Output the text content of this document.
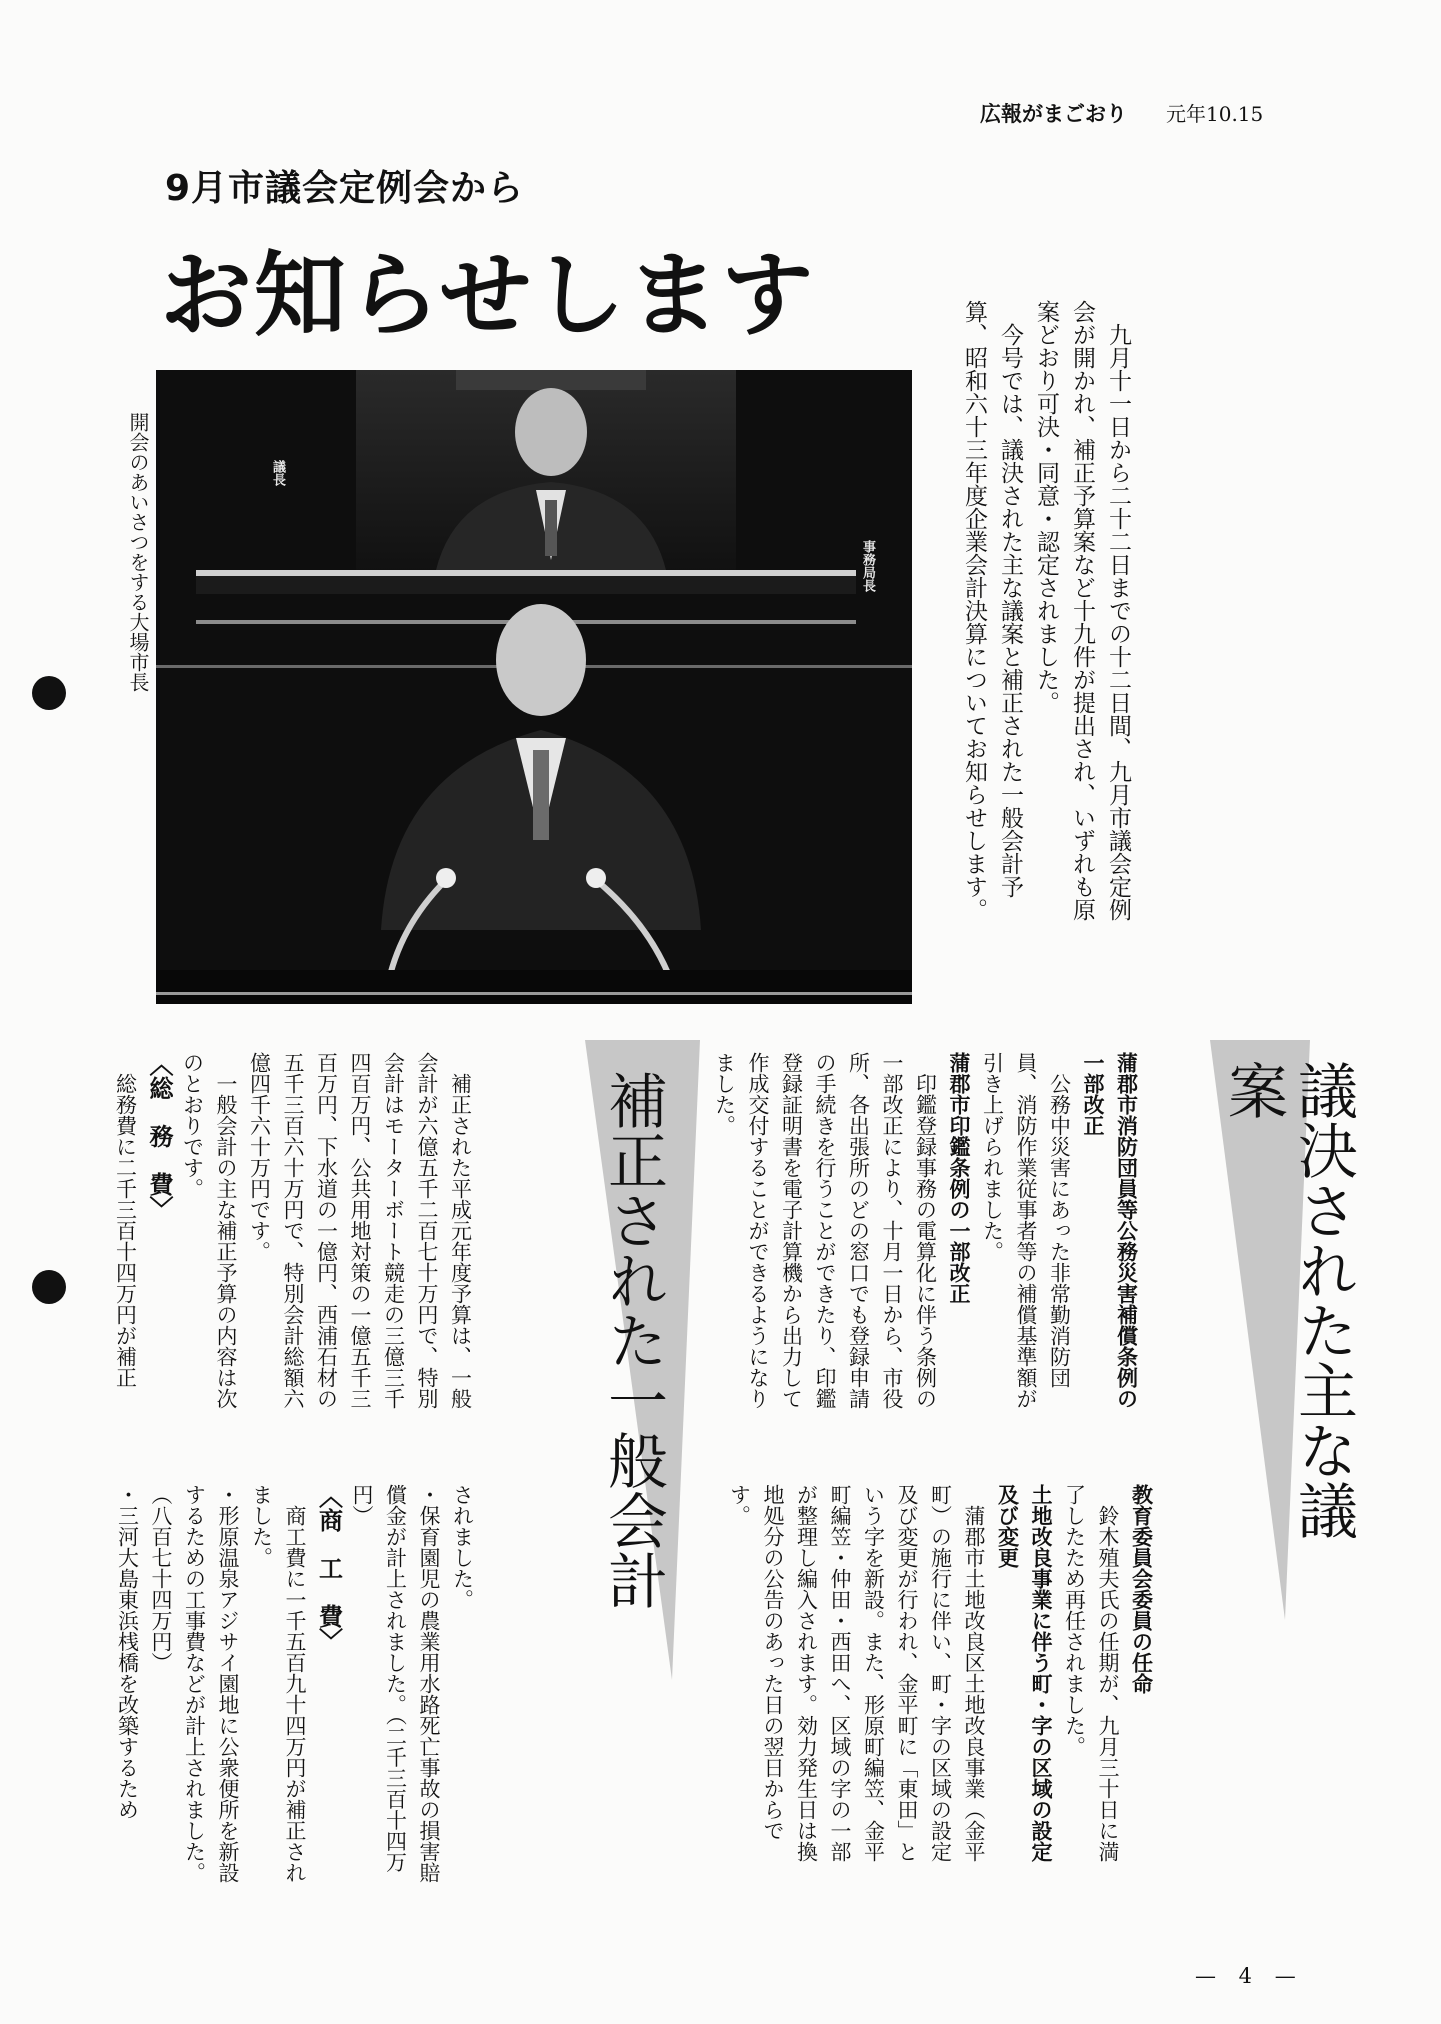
広報がまごおり 元年10.15
9月市議会定例会から
お知らせします
開会のあいさつをする大場市長	議長
事務局長	九月十一日から二十二日までの十二日間、九月市議会定例会が開かれ、補正予算案など十九件が提出され、いずれも原案どおり可決・同意・認定されました。

今号では、議決された主な議案と補正された一般会計予算、昭和六十三年度企業会計決算についてお知らせします。

議決された主な議案

蒲郡市消防団員等公務災害補償条例の一部改正

公務中災害にあった非常勤消防団員、消防作業従事者等の補償基準額が引き上げられました。

蒲郡市印鑑条例の一部改正

印鑑登録事務の電算化に伴う条例の一部改正により、十月一日から、市役所、各出張所のどの窓口でも登録申請の手続きを行うことができたり、印鑑登録証明書を電子計算機から出力して作成交付することができるようになりました。

教育委員会委員の任命

鈴木殖夫氏の任期が、九月三十日に満了したため再任されました。

土地改良事業に伴う町・字の区域の設定及び変更

蒲郡市土地改良区土地改良事業（金平町）の施行に伴い、町・字の区域の設定及び変更が行われ、金平町に「東田」という字を新設。また、形原町編笠、金平町編笠・仲田・西田へ、区域の字の一部が整理し編入されます。効力発生日は換地処分の公告のあった日の翌日からです。

補正された一般会計

補正された平成元年度予算は、一般会計が六億五千二百七十万円で、特別会計はモーターボート競走の三億三千四百万円、公共用地対策の一億五千三百万円、下水道の一億円、西浦石材の五千三百六十万円で、特別会計総額六億四千六十万円です。

一般会計の主な補正予算の内容は次のとおりです。

〈総　務　費〉

総務費に二千三百十四万円が補正

されました。

・保育園児の農業用水路死亡事故の損害賠償金が計上されました。（二千三百十四万円）

〈商　工　費〉

商工費に一千五百九十四万円が補正されました。

・形原温泉アジサイ園地に公衆便所を新設するための工事費などが計上されました。（八百七十四万円）

・三河大島東浜桟橋を改築するため

— 4 —
